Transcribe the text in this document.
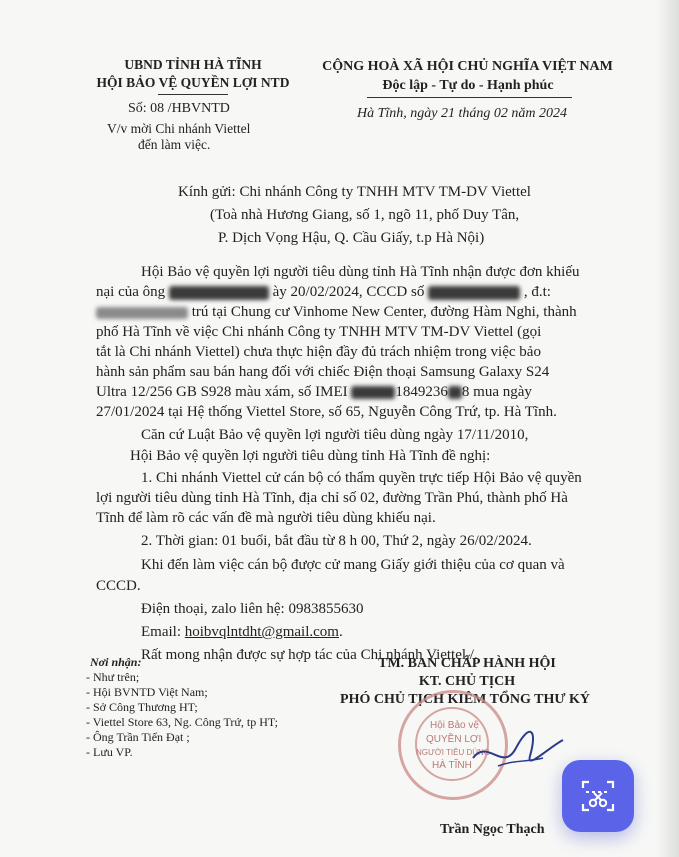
UBND TỈNH HÀ TĨNH
HỘI BẢO VỆ QUYỀN LỢI NTD
CỘNG HOÀ XÃ HỘI CHỦ NGHĨA VIỆT NAM
Độc lập - Tự do - Hạnh phúc
Số: 08 /HBVNTD
V/v mời Chi nhánh Viettel
đến làm việc.
Hà Tĩnh, ngày 21 tháng 02 năm 2024
Kính gửi: Chi nhánh Công ty TNHH MTV TM-DV Viettel
(Toà nhà Hương Giang, số 1, ngõ 11, phố Duy Tân,
P. Dịch Vọng Hậu, Q. Cầu Giấy, t.p Hà Nội)
Hội Bảo vệ quyền lợi người tiêu dùng tỉnh Hà Tĩnh nhận được đơn khiếu
nại của ông	ày 20/02/2024, CCCD số	, đ.t:
trú tại Chung cư Vinhome New Center, đường Hàm Nghi, thành
phố Hà Tĩnh về việc Chi nhánh Công ty TNHH MTV TM-DV Viettel (gọi
tắt là Chi nhánh Viettel) chưa thực hiện đầy đủ trách nhiệm trong việc bảo
hành sản phẩm sau bán hang đối với chiếc Điện thoại Samsung Galaxy S24
Ultra 12/256 GB S928 màu xám, số IMEI	1849236 8 mua ngày
27/01/2024 tại Hệ thống Viettel Store, số 65, Nguyễn Công Trứ, tp. Hà Tĩnh.
Căn cứ Luật Bảo vệ quyền lợi người tiêu dùng ngày 17/11/2010,
Hội Bảo vệ quyền lợi người tiêu dùng tỉnh Hà Tĩnh đề nghị:
1. Chi nhánh Viettel cử cán bộ có thẩm quyền trực tiếp Hội Bảo vệ quyền
lợi người tiêu dùng tỉnh Hà Tĩnh, địa chỉ số 02, đường Trần Phú, thành phố Hà
Tĩnh để làm rõ các vấn đề mà người tiêu dùng khiếu nại.
2. Thời gian: 01 buổi, bắt đầu từ 8 h 00, Thứ 2, ngày 26/02/2024.
Khi đến làm việc cán bộ được cử mang Giấy giới thiệu của cơ quan và
CCCD.
Điện thoại, zalo liên hệ: 0983855630
Email: hoibvqlntdht@gmail.com.
Rất mong nhận được sự hợp tác của Chi nhánh Viettel./.
Nơi nhận:
- Như trên;
- Hội BVNTD Việt Nam;
- Sở Công Thương HT;
- Viettel Store 63, Ng. Công Trứ, tp HT;
- Ông Trần Tiến Đạt ;
- Lưu VP.
TM. BAN CHẤP HÀNH HỘI
KT. CHỦ TỊCH
PHÓ CHỦ TỊCH KIÊM TỔNG THƯ KÝ
Hội Bảo vệ
QUYỀN LỢI
NGƯỜI TIÊU DÙNG
HÀ TĨNH
Trần Ngọc Thạch
